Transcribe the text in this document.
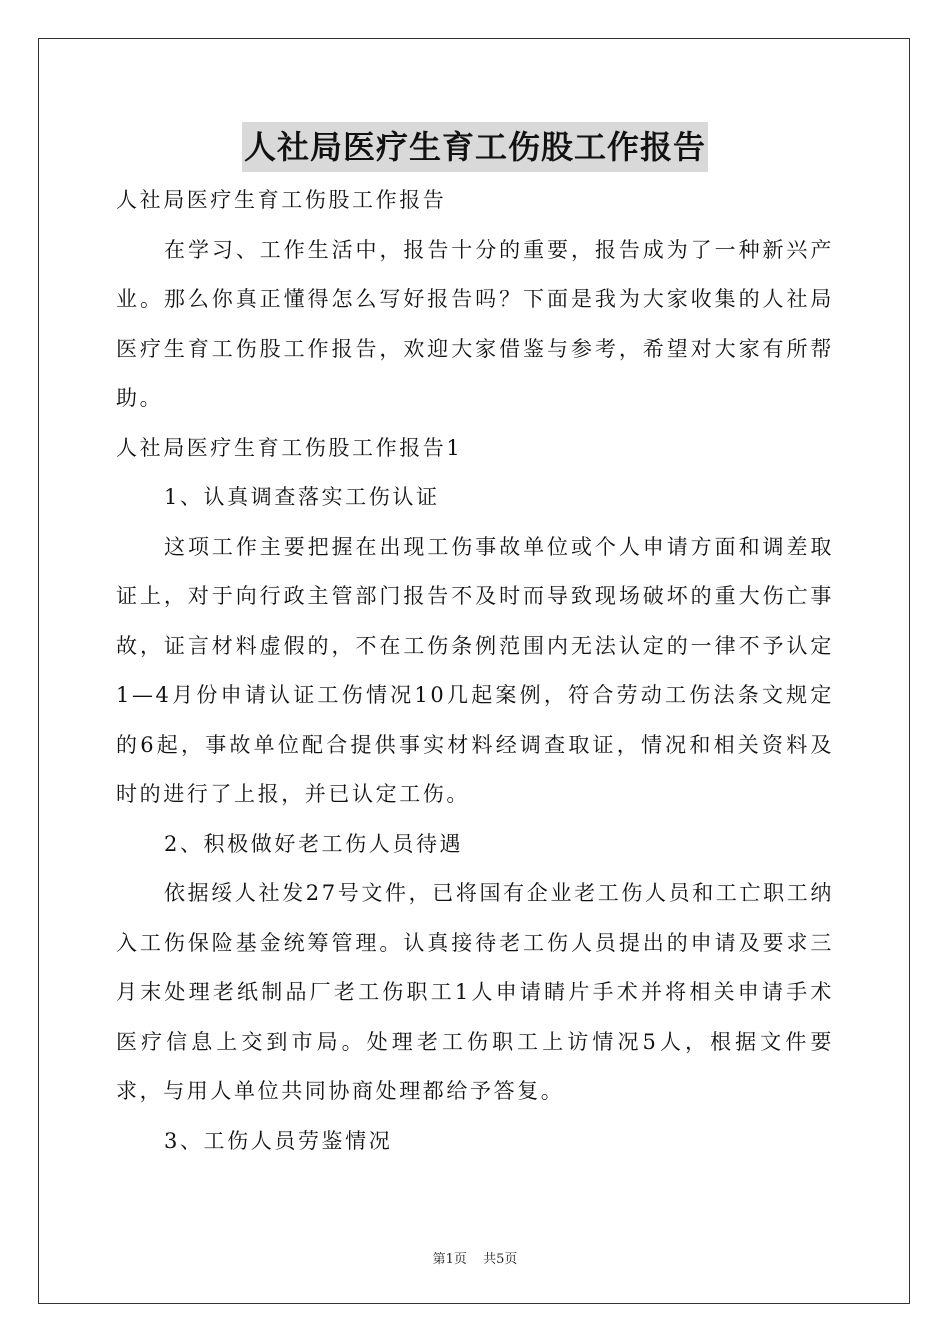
人社局医疗生育工伤股工作报告

人社局医疗生育工伤股工作报告

在学习、工作生活中，报告十分的重要，报告成为了一种新兴产业。那么你真正懂得怎么写好报告吗？下面是我为大家收集的人社局医疗生育工伤股工作报告，欢迎大家借鉴与参考，希望对大家有所帮助。

人社局医疗生育工伤股工作报告1

1、认真调查落实工伤认证

这项工作主要把握在出现工伤事故单位或个人申请方面和调差取证上，对于向行政主管部门报告不及时而导致现场破坏的重大伤亡事故，证言材料虚假的，不在工伤条例范围内无法认定的一律不予认定1—4月份申请认证工伤情况10几起案例，符合劳动工伤法条文规定的6起，事故单位配合提供事实材料经调查取证，情况和相关资料及时的进行了上报，并已认定工伤。

2、积极做好老工伤人员待遇

依据绥人社发27号文件，已将国有企业老工伤人员和工亡职工纳入工伤保险基金统筹管理。认真接待老工伤人员提出的申请及要求三月末处理老纸制品厂老工伤职工1人申请睛片手术并将相关申请手术医疗信息上交到市局。处理老工伤职工上访情况5人，根据文件要求，与用人单位共同协商处理都给予答复。

3、工伤人员劳鉴情况

第1页 共5页
